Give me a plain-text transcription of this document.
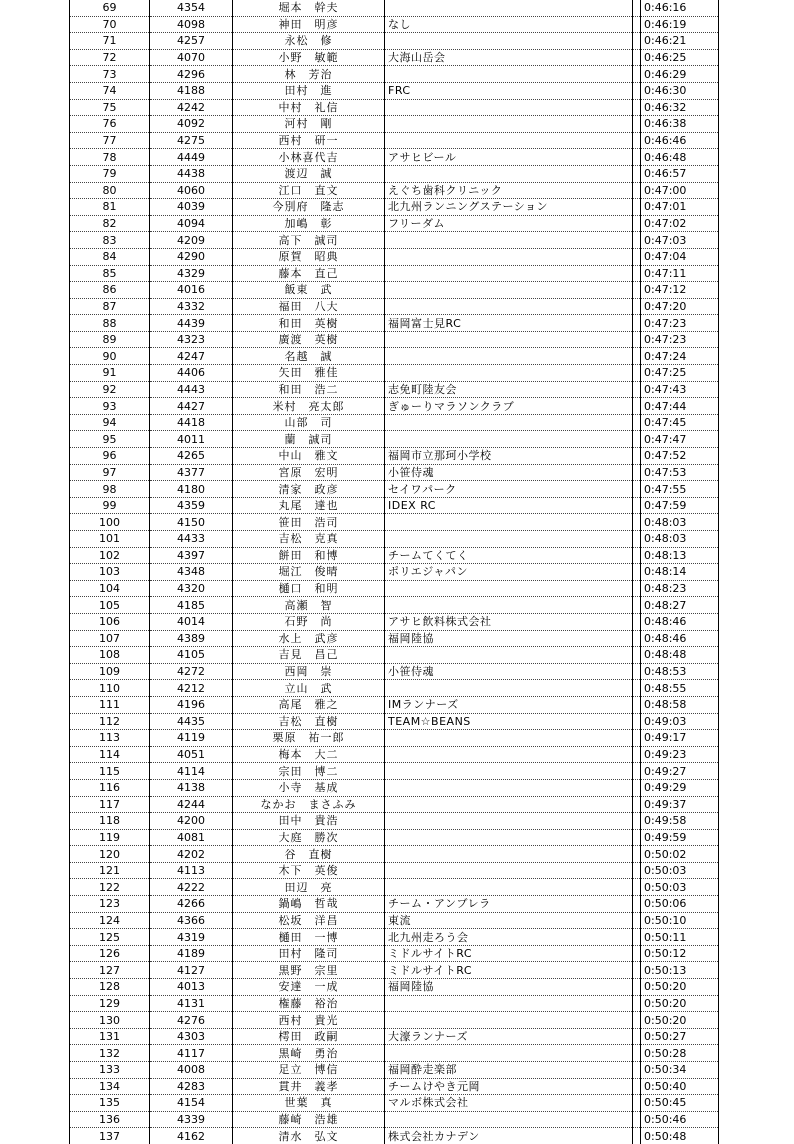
69	4354	堀本　幹夫			0:46:16
70	4098	神田　明彦	なし		0:46:19
71	4257	永松　修			0:46:21
72	4070	小野　敏範	大海山岳会		0:46:25
73	4296	林　芳治			0:46:29
74	4188	田村　進	FRC		0:46:30
75	4242	中村　礼信			0:46:32
76	4092	河村　剛			0:46:38
77	4275	西村　研一			0:46:46
78	4449	小林喜代吉	アサヒビール		0:46:48
79	4438	渡辺　誠			0:46:57
80	4060	江口　直文	えぐち歯科クリニック		0:47:00
81	4039	今別府　隆志	北九州ランニングステーション		0:47:01
82	4094	加嶋　彰	フリーダム		0:47:02
83	4209	高下　誠司			0:47:03
84	4290	原賀　昭典			0:47:04
85	4329	藤本　直己			0:47:11
86	4016	飯東　武			0:47:12
87	4332	福田　八大			0:47:20
88	4439	和田　英樹	福岡富士見RC		0:47:23
89	4323	廣渡　英樹			0:47:23
90	4247	名越　誠			0:47:24
91	4406	矢田　雅佳			0:47:25
92	4443	和田　浩二	志免町陸友会		0:47:43
93	4427	米村　亮太郎	ぎゅーりマラソンクラブ		0:47:44
94	4418	山部　司			0:47:45
95	4011	蘭　誠司			0:47:47
96	4265	中山　雅文	福岡市立那珂小学校		0:47:52
97	4377	宮原　宏明	小笹侍魂		0:47:53
98	4180	清家　政彦	セイワパーク		0:47:55
99	4359	丸尾　達也	IDEX RC		0:47:59
100	4150	笹田　浩司			0:48:03
101	4433	吉松　克真			0:48:03
102	4397	餅田　和博	チームてくてく		0:48:13
103	4348	堀江　俊晴	ポリエジャパン		0:48:14
104	4320	樋口　和明			0:48:23
105	4185	高瀬　智			0:48:27
106	4014	石野　尚	アサヒ飲料株式会社		0:48:46
107	4389	水上　武彦	福岡陸協		0:48:46
108	4105	吉見　昌己			0:48:48
109	4272	西岡　崇	小笹侍魂		0:48:53
110	4212	立山　武			0:48:55
111	4196	高尾　雅之	IMランナーズ		0:48:58
112	4435	吉松　直樹	TEAM☆BEANS		0:49:03
113	4119	栗原　祐一郎			0:49:17
114	4051	梅本　大二			0:49:23
115	4114	宗田　博二			0:49:27
116	4138	小寺　基成			0:49:29
117	4244	なかお　まさふみ			0:49:37
118	4200	田中　貴浩			0:49:58
119	4081	大庭　勝次			0:49:59
120	4202	谷　直樹			0:50:02
121	4113	木下　英俊			0:50:03
122	4222	田辺　亮			0:50:03
123	4266	鍋嶋　哲哉	チーム・アンブレラ		0:50:06
124	4366	松坂　洋昌	東流		0:50:10
125	4319	樋田　一博	北九州走ろう会		0:50:11
126	4189	田村　隆司	ミドルサイトRC		0:50:12
127	4127	黒野　宗里	ミドルサイトRC		0:50:13
128	4013	安達　一成	福岡陸協		0:50:20
129	4131	権藤　裕治			0:50:20
130	4276	西村　貴光			0:50:20
131	4303	樗田　政嗣	大濠ランナーズ		0:50:27
132	4117	黒崎　勇治			0:50:28
133	4008	足立　博信	福岡酔走楽部		0:50:34
134	4283	貫井　義孝	チームけやき元岡		0:50:40
135	4154	世葉　真	マルボ株式会社		0:50:45
136	4339	藤崎　浩雄			0:50:46
137	4162	清水　弘文	株式会社カナデン		0:50:48
